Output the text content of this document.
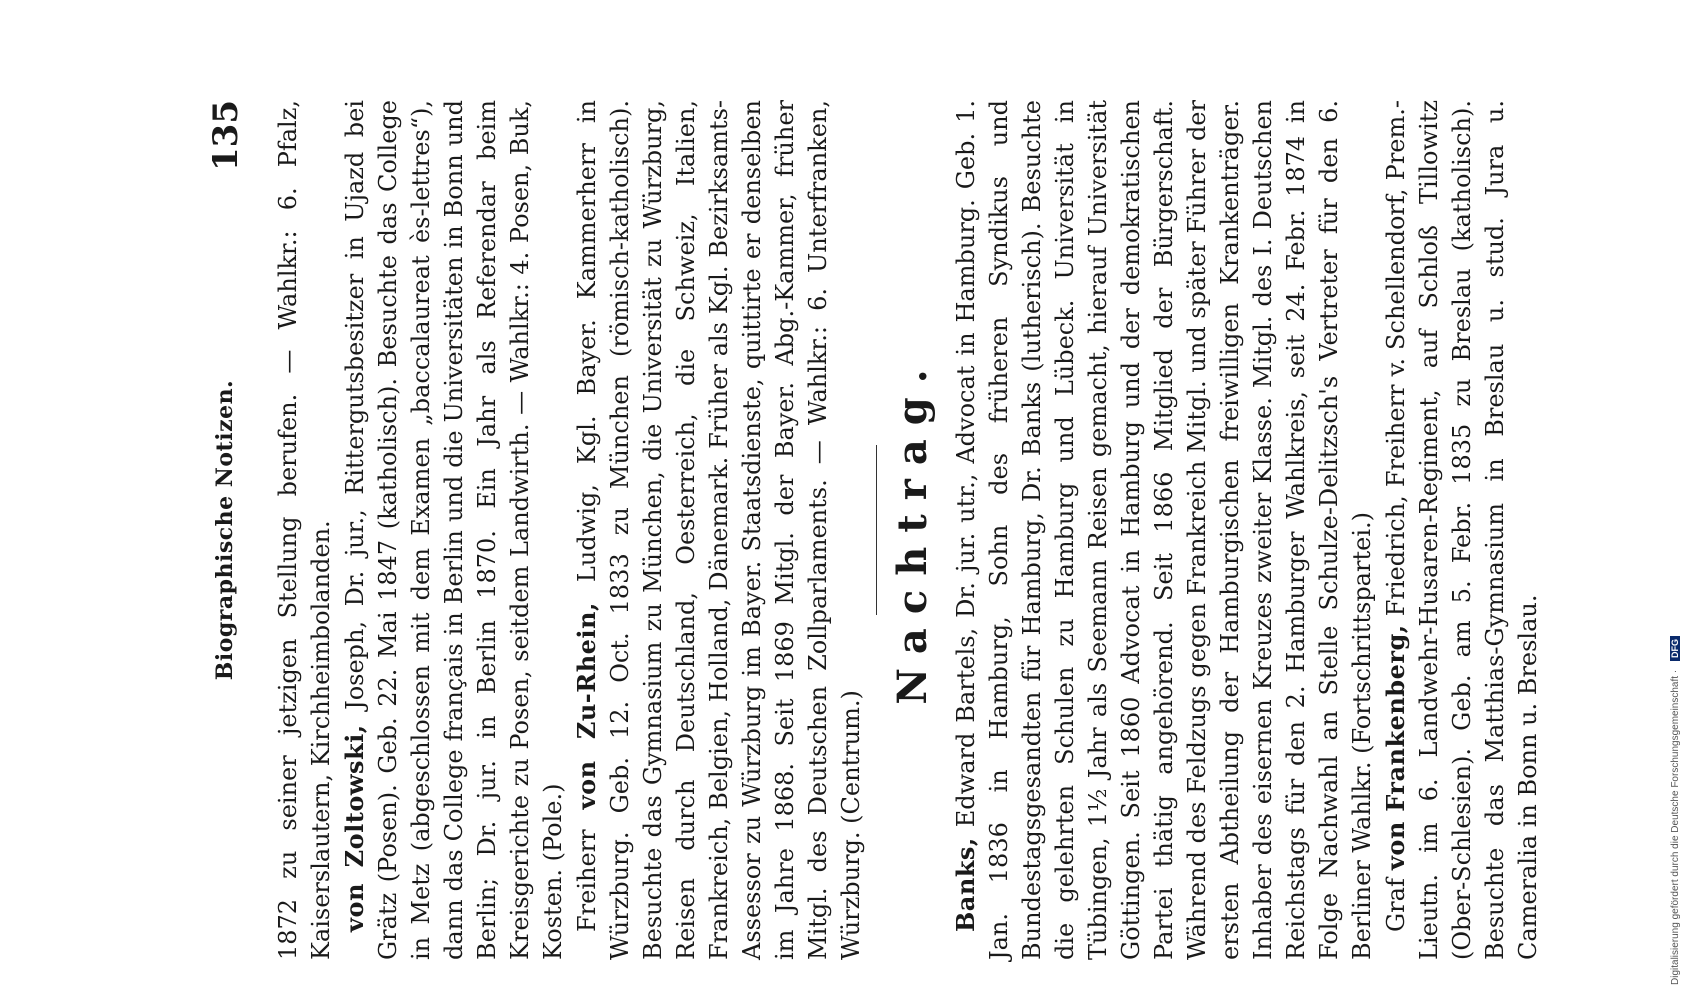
Biographische Notizen.
135 1872 zu seiner jetzigen Stellung berufen. — Wahlkr.: 6. Pfalz, Kaiserslautern, Kirchheimbolanden. von Zoltowski, Joseph, Dr. jur., Rittergutsbesitzer in Ujazd bei Grätz (Posen). Geb. 22. Mai 1847 (katholisch). Besuchte das College in Metz (abgeschlossen mit dem Examen „baccalaureat ès-lettres“), dann das College français in Berlin und die Universitäten in Bonn und Berlin; Dr. jur. in Berlin 1870. Ein Jahr als Referendar beim Kreisgerichte zu Posen, seitdem Landwirth. — Wahlkr.: 4. Posen, Buk, Kosten. (Pole.) Freiherr von Zu-Rhein, Ludwig, Kgl. Bayer. Kammerherr in Würzburg. Geb. 12. Oct. 1833 zu München (römisch-katholisch). Besuchte das Gymnasium zu München, die Universität zu Würzburg, Reisen durch Deutschland, Oesterreich, die Schweiz, Italien, Frankreich, Belgien, Holland, Dänemark. Früher als Kgl. Bezirksamts-Assessor zu Würzburg im Bayer. Staatsdienste, quittirte er denselben im Jahre 1868. Seit 1869 Mitgl. der Bayer. Abg.-Kammer, früher Mitgl. des Deutschen Zollparlaments. — Wahlkr.: 6. Unterfranken, Würzburg. (Centrum.)

Nachtrag.

Banks, Edward Bartels, Dr. jur. utr., Advocat in Hamburg. Geb. 1. Jan. 1836 in Hamburg, Sohn des früheren Syndikus und Bundestagsgesandten für Hamburg, Dr. Banks (lutherisch). Besuchte die gelehrten Schulen zu Hamburg und Lübeck. Universität in Tübingen, 1½ Jahr als Seemann Reisen gemacht, hierauf Universität Göttingen. Seit 1860 Advocat in Hamburg und der demokratischen Partei thätig angehörend. Seit 1866 Mitglied der Bürgerschaft. Während des Feldzugs gegen Frankreich Mitgl. und später Führer der ersten Abtheilung der Hamburgischen freiwilligen Krankenträger. Inhaber des eisernen Kreuzes zweiter Klasse. Mitgl. des I. Deutschen Reichstags für den 2. Hamburger Wahlkreis, seit 24. Febr. 1874 in Folge Nachwahl an Stelle Schulze-Delitzsch's Vertreter für den 6. Berliner Wahlkr. (Fortschrittspartei.) Graf von Frankenberg, Friedrich, Freiherr v. Schellendorf, Prem.-Lieutn. im 6. Landwehr-Husaren-Regiment, auf Schloß Tillowitz (Ober-Schlesien). Geb. am 5. Febr. 1835 zu Breslau (katholisch). Besuchte das Matthias-Gymnasium in Breslau u. stud. Jura u. Cameralia in Bonn u. Breslau.	Digitalisierung gefördert durch die Deutsche Forschungsgemeinschaft · DFG
